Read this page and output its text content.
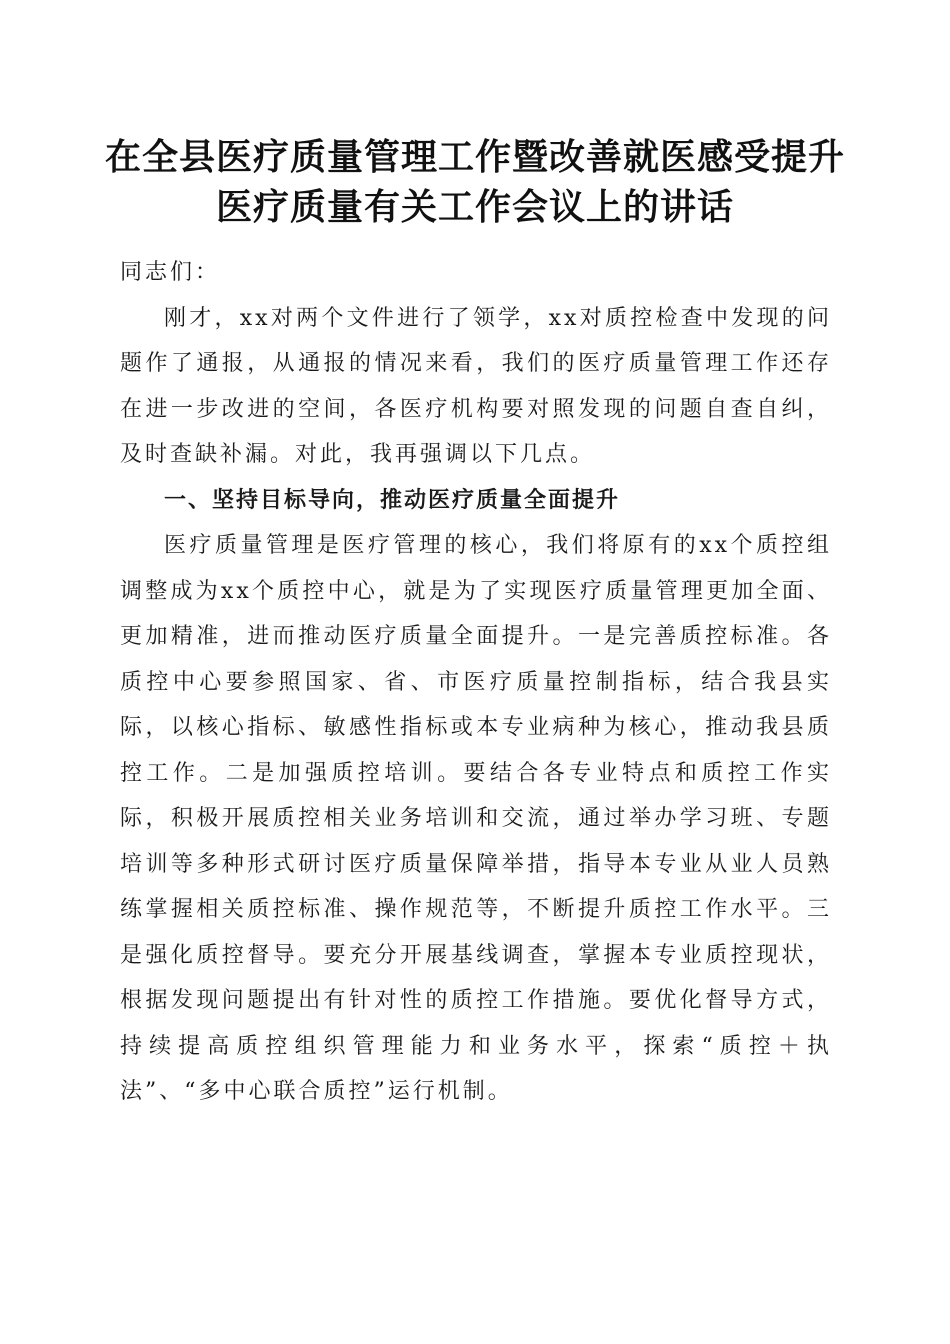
在全县医疗质量管理工作暨改善就医感受提升
医疗质量有关工作会议上的讲话

同志们：

刚才，xx对两个文件进行了领学，xx对质控检查中发现的问题作了通报，从通报的情况来看，我们的医疗质量管理工作还存在进一步改进的空间，各医疗机构要对照发现的问题自查自纠，及时查缺补漏。对此，我再强调以下几点。

一、坚持目标导向，推动医疗质量全面提升

医疗质量管理是医疗管理的核心，我们将原有的xx个质控组调整成为xx个质控中心，就是为了实现医疗质量管理更加全面、更加精准，进而推动医疗质量全面提升。一是完善质控标准。各质控中心要参照国家、省、市医疗质量控制指标，结合我县实际，以核心指标、敏感性指标或本专业病种为核心，推动我县质控工作。二是加强质控培训。要结合各专业特点和质控工作实际，积极开展质控相关业务培训和交流，通过举办学习班、专题培训等多种形式研讨医疗质量保障举措，指导本专业从业人员熟练掌握相关质控标准、操作规范等，不断提升质控工作水平。三是强化质控督导。要充分开展基线调查，掌握本专业质控现状，根据发现问题提出有针对性的质控工作措施。要优化督导方式，持续提高质控组织管理能力和业务水平，探索“质控＋执法”、“多中心联合质控”运行机制。
